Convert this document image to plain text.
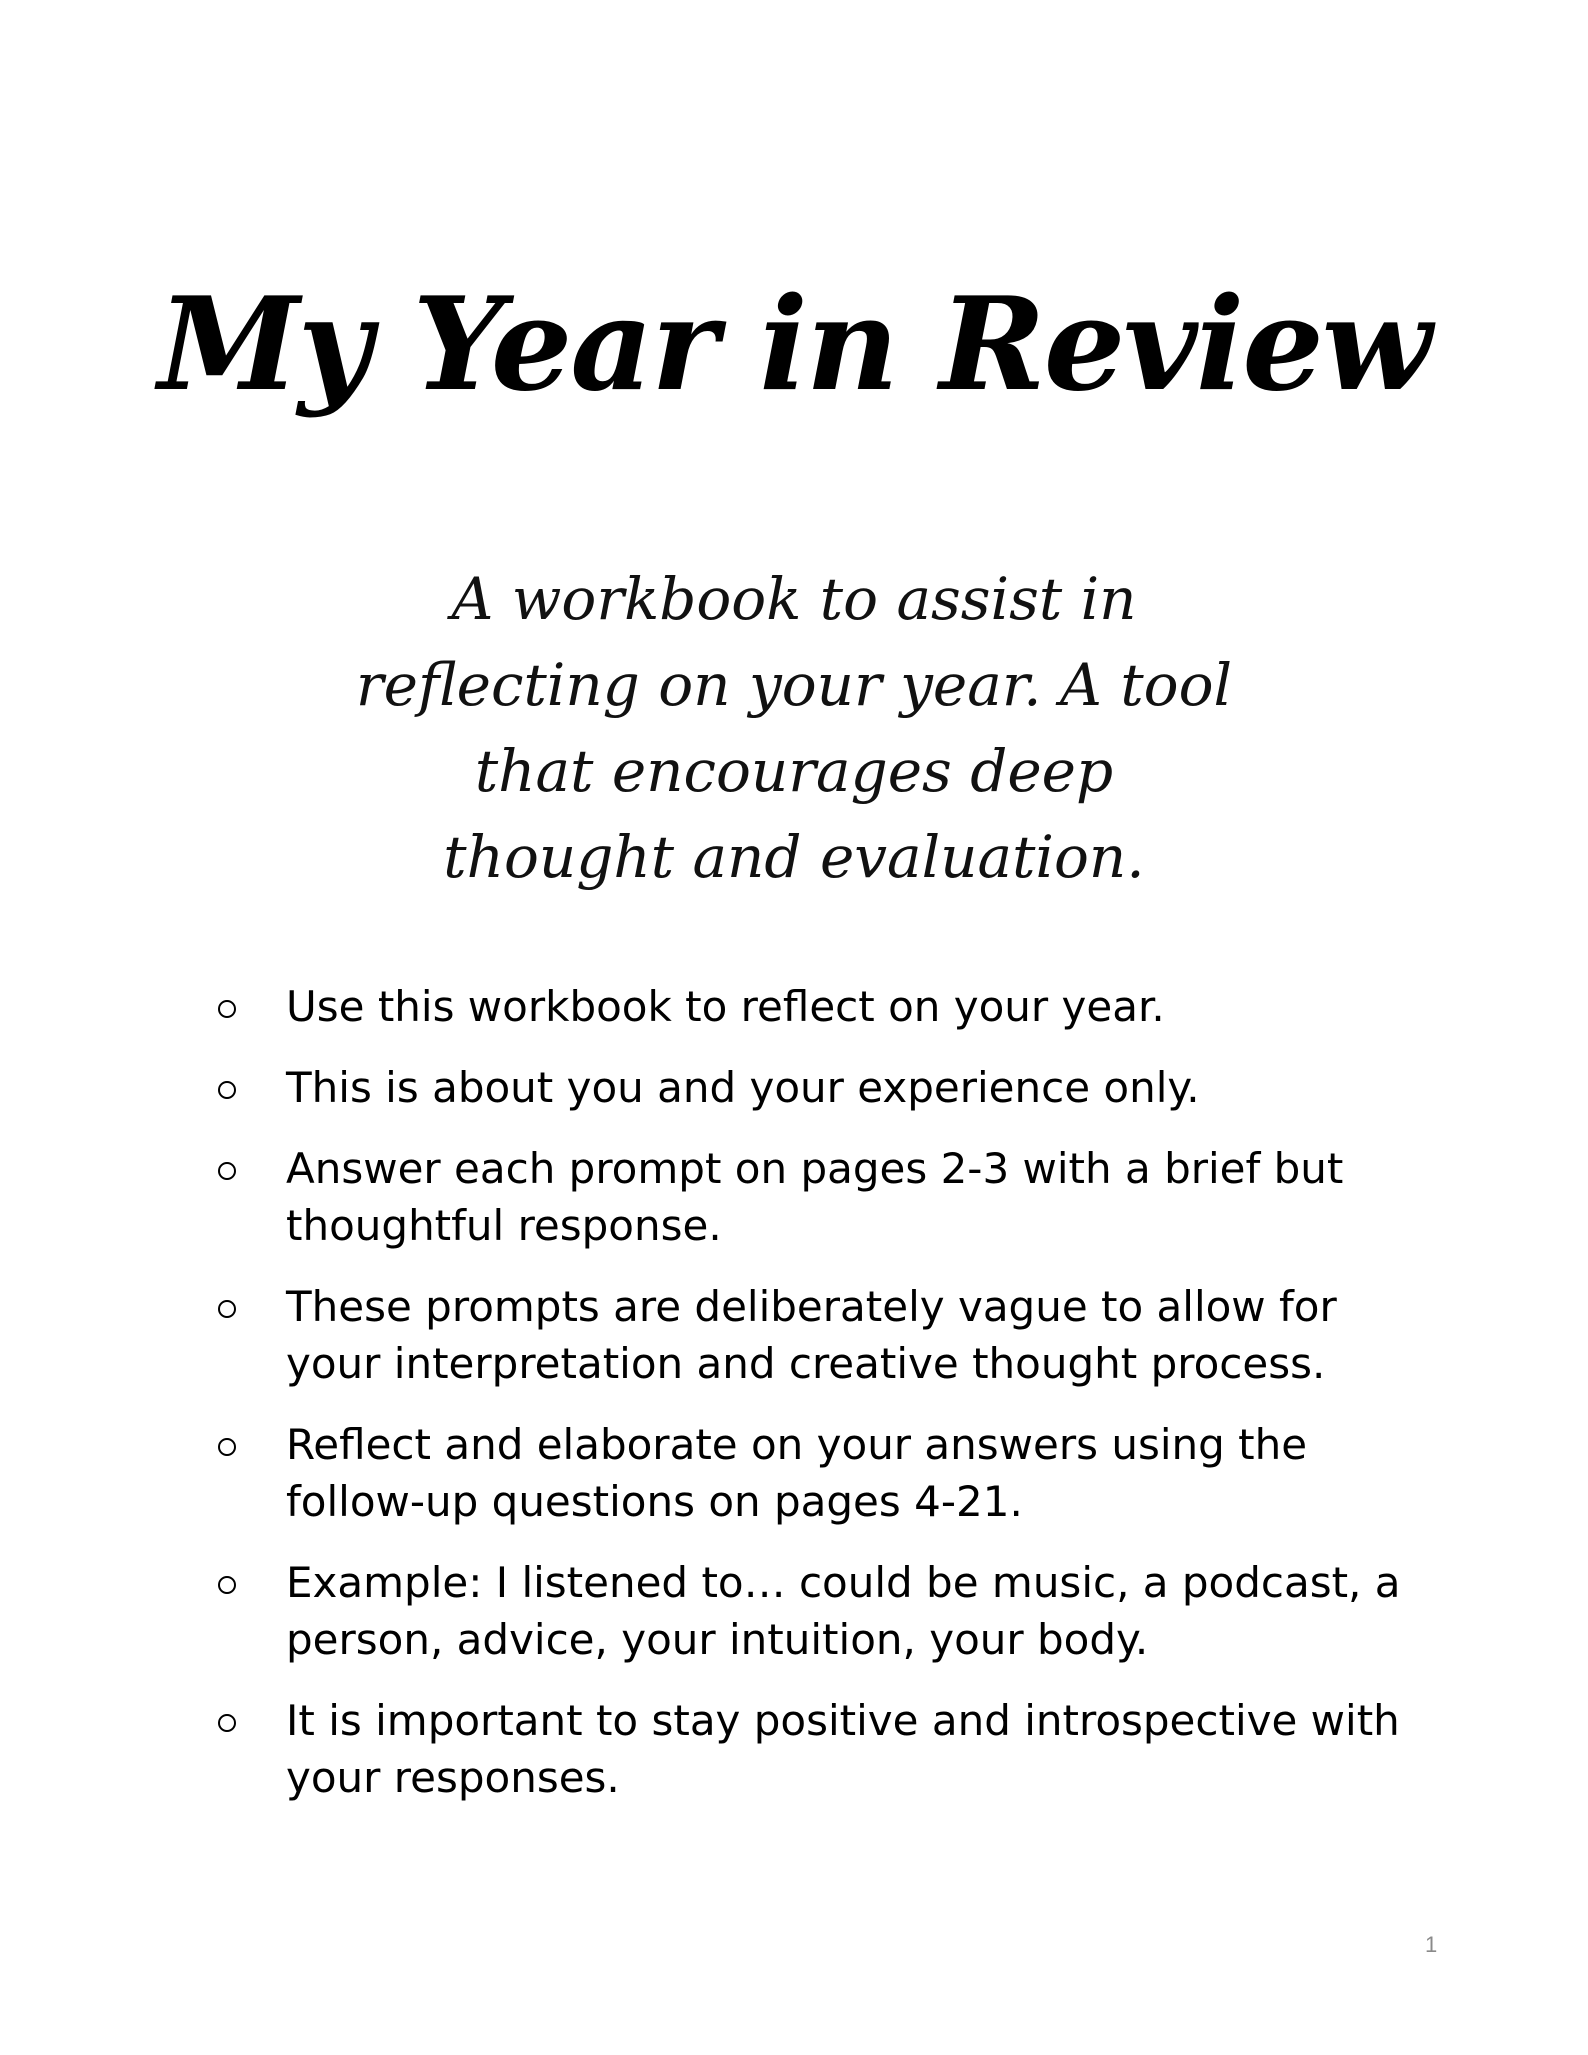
My Year in Review
A workbook to assist in
reflecting on your year. A tool
that encourages deep
thought and evaluation.
Use this workbook to reflect on your year.
This is about you and your experience only.
Answer each prompt on pages 2-3 with a brief but thoughtful response.
These prompts are deliberately vague to allow for your interpretation and creative thought process.
Reflect and elaborate on your answers using the follow-up questions on pages 4-21.
Example: I listened to… could be music, a podcast, a person, advice, your intuition, your body.
It is important to stay positive and introspective with your responses.
1
